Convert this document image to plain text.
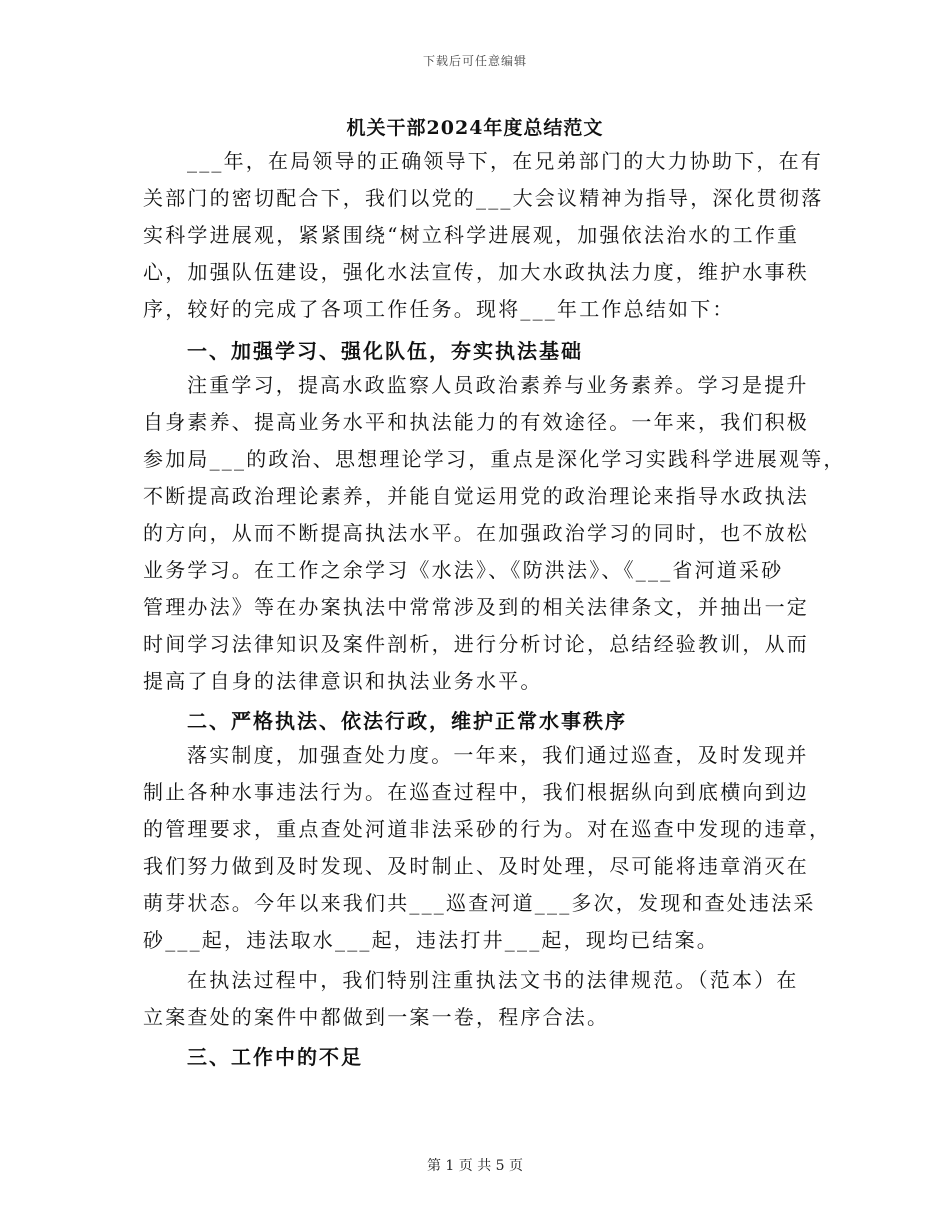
下载后可任意编辑
机关干部2024年度总结范文
___年，在局领导的正确领导下，在兄弟部门的大力协助下，在有
关部门的密切配合下，我们以党的___大会议精神为指导，深化贯彻落
实科学进展观，紧紧围绕“树立科学进展观，加强依法治水的工作重
心，加强队伍建设，强化水法宣传，加大水政执法力度，维护水事秩
序，较好的完成了各项工作任务。现将___年工作总结如下：
一、加强学习、强化队伍，夯实执法基础
注重学习，提高水政监察人员政治素养与业务素养。学习是提升
自身素养、提高业务水平和执法能力的有效途径。一年来，我们积极
参加局___的政治、思想理论学习，重点是深化学习实践科学进展观等，
不断提高政治理论素养，并能自觉运用党的政治理论来指导水政执法
的方向，从而不断提高执法水平。在加强政治学习的同时，也不放松
业务学习。在工作之余学习《水法》、《防洪法》、《___省河道采砂
管理办法》等在办案执法中常常涉及到的相关法律条文，并抽出一定
时间学习法律知识及案件剖析，进行分析讨论，总结经验教训，从而
提高了自身的法律意识和执法业务水平。
二、严格执法、依法行政，维护正常水事秩序
落实制度，加强查处力度。一年来，我们通过巡查，及时发现并
制止各种水事违法行为。在巡查过程中，我们根据纵向到底横向到边
的管理要求，重点查处河道非法采砂的行为。对在巡查中发现的违章，
我们努力做到及时发现、及时制止、及时处理，尽可能将违章消灭在
萌芽状态。今年以来我们共___巡查河道___多次，发现和查处违法采
砂___起，违法取水___起，违法打井___起，现均已结案。
在执法过程中，我们特别注重执法文书的法律规范。（范本）在
立案查处的案件中都做到一案一卷，程序合法。
三、工作中的不足
第 1 页 共 5 页
